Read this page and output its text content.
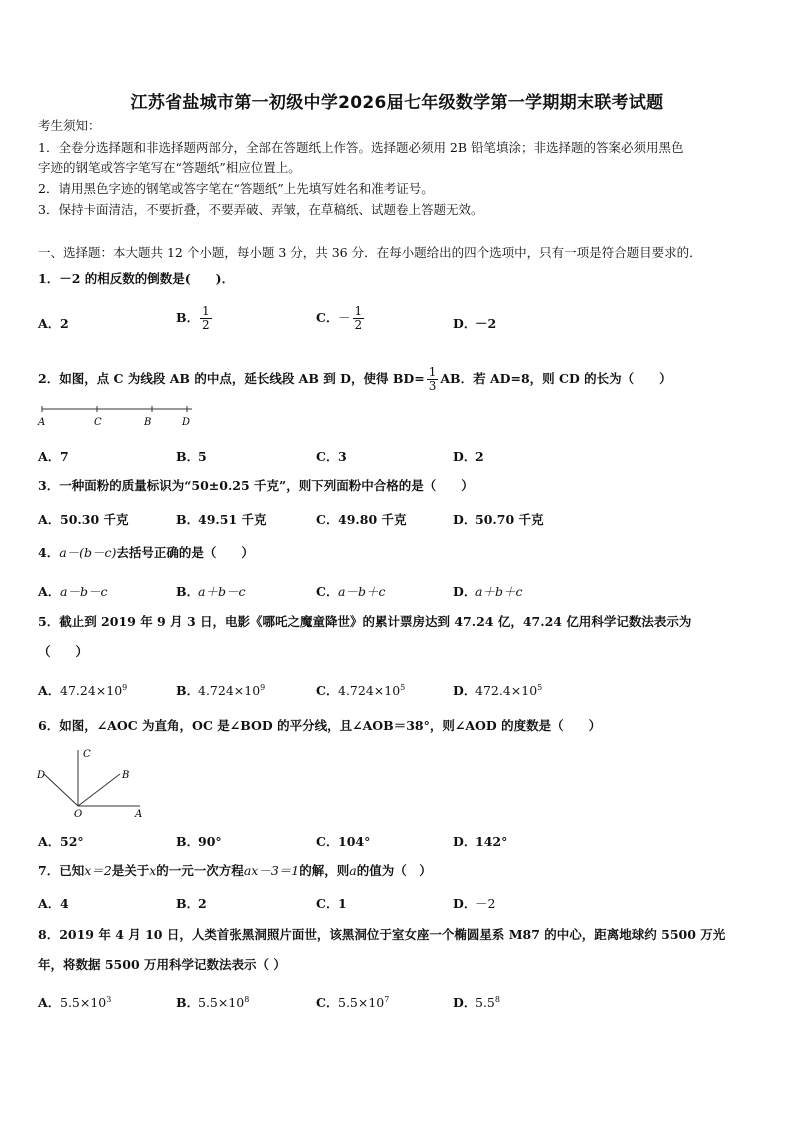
江苏省盐城市第一初级中学2026届七年级数学第一学期期末联考试题
考生须知：
1．全卷分选择题和非选择题两部分，全部在答题纸上作答。选择题必须用 2B 铅笔填涂；非选择题的答案必须用黑色
字迹的钢笔或答字笔写在“答题纸”相应位置上。
2．请用黑色字迹的钢笔或答字笔在“答题纸”上先填写姓名和准考证号。
3．保持卡面清洁，不要折叠，不要弄破、弄皱，在草稿纸、试题卷上答题无效。
一、选择题：本大题共 12 个小题，每小题 3 分，共 36 分．在每小题给出的四个选项中，只有一项是符合题目要求的．
1．－2 的相反数的倒数是(　　)．
A．2	B． $\frac{1}{2}$	C．－ $\frac{1}{2}$	D．－2
2．如图，点 C 为线段 AB 的中点，延长线段 AB 到 D，使得 $BD= \frac{1}{3}$ AB．若 AD=8，则 CD 的长为（　　）
A	C	B	D
A．7	B．5	C．3	D．2
3．一种面粉的质量标识为“50±0.25 千克”，则下列面粉中合格的是（　　）
A．50.30 千克	B．49.51 千克	C．49.80 千克	D．50.70 千克
4．a－(b－c)去括号正确的是（　　）
A．a－b－c	B．a＋b－c	C．a－b＋c	D．a＋b＋c
5．截止到 2019 年 9 月 3 日，电影《哪吒之魔童降世》的累计票房达到 47.24 亿，47.24 亿用科学记数法表示为
（　　）
A．$47.24\times 10^9$	B．$4.724\times 10^9$	C．$4.724\times 10^5$	D．$472.4\times 10^5$
6．如图，∠AOC 为直角，OC 是∠BOD 的平分线，且∠AOB＝38°，则∠AOD 的度数是（　　）
C
D	B
O	A
A．52°	B．90°	C．104°	D．142°
7．已知x＝2是关于x的一元一次方程ax－3＝1的解，则a的值为（　）
A．4	B．2	C．1	D．－2
8．2019 年 4 月 10 日，人类首张黑洞照片面世，该黑洞位于室女座一个椭圆星系 M87 的中心，距离地球约 5500 万光
年，将数据 5500 万用科学记数法表示（ ）
A．$5.5\times 10^3$	B．$5.5\times 10^8$	C．$5.5\times 10^7$	D．$5.5^8$
